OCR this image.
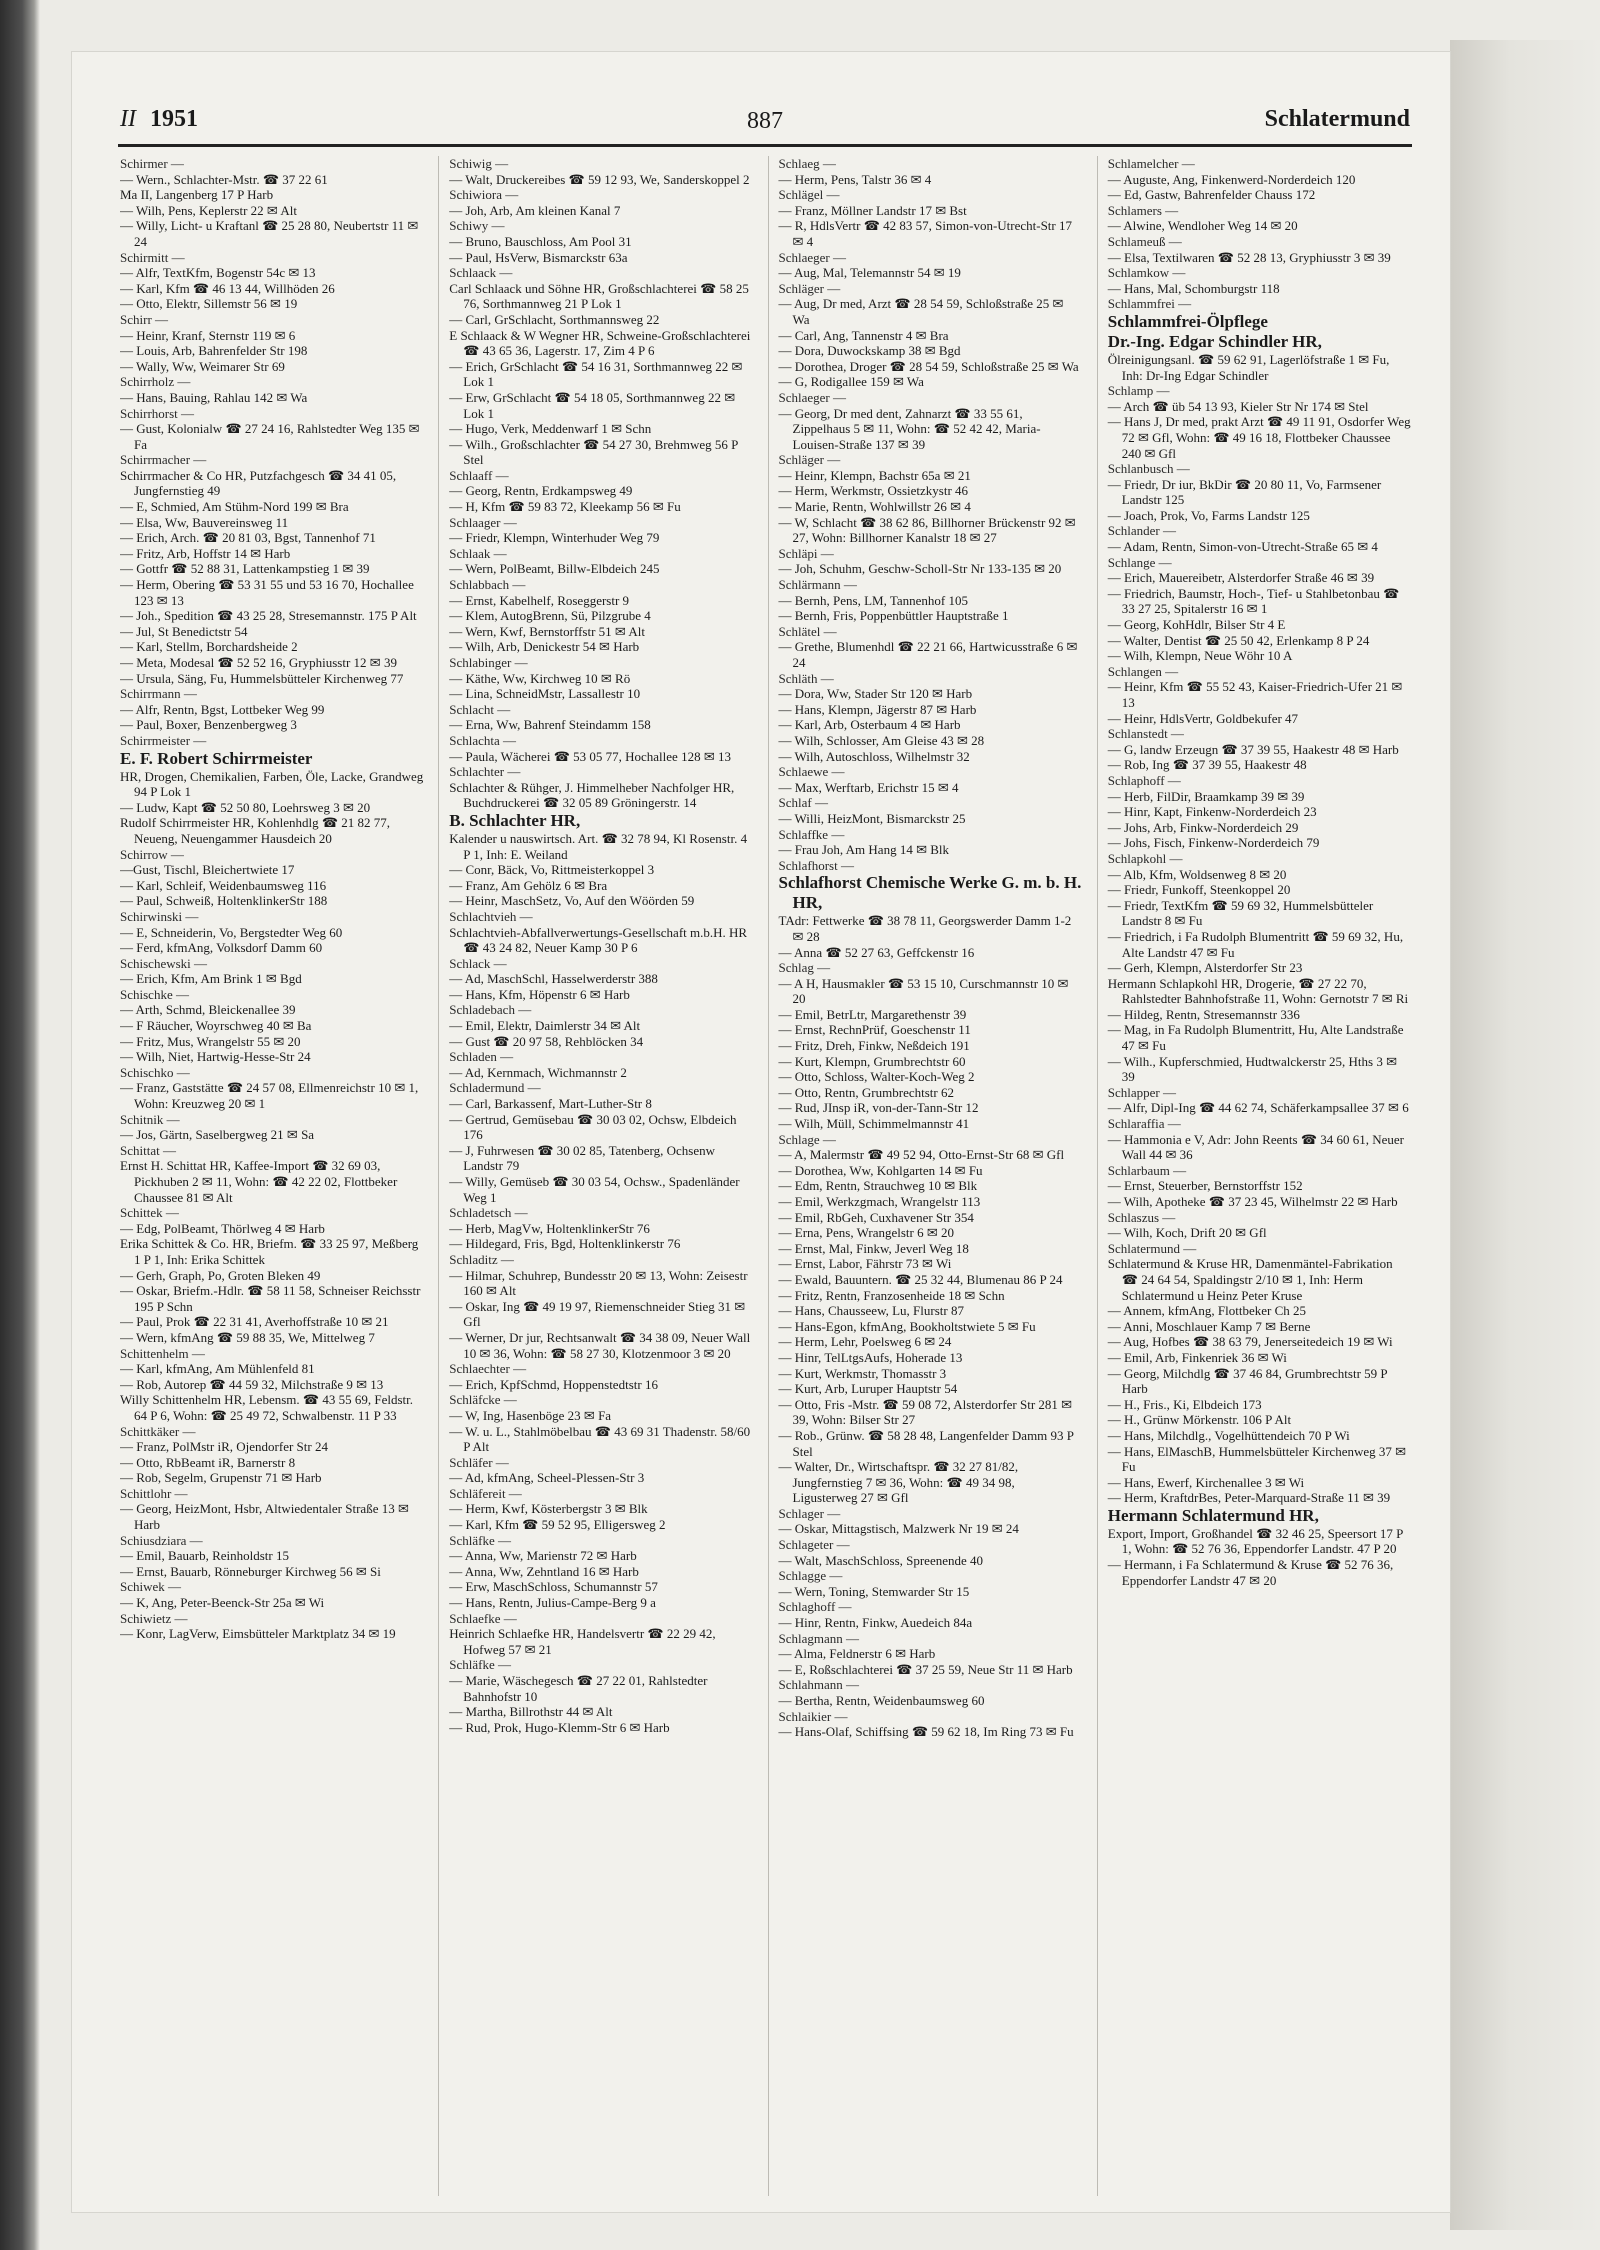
II 1951	887	Schlatermund

Schirmer —

— Wern., Schlachter-Mstr. ☎ 37 22 61

Ma II, Langenberg 17 P Harb

— Wilh, Pens, Keplerstr 22 ✉ Alt

— Willy, Licht- u Kraftanl ☎ 25 28 80, Neubertstr 11 ✉ 24

Schirmitt —

— Alfr, TextKfm, Bogenstr 54c ✉ 13

— Karl, Kfm ☎ 46 13 44, Willhöden 26

— Otto, Elektr, Sillemstr 56 ✉ 19

Schirr —

— Heinr, Kranf, Sternstr 119 ✉ 6

— Louis, Arb, Bahrenfelder Str 198

— Wally, Ww, Weimarer Str 69

Schirrholz —

— Hans, Bauing, Rahlau 142 ✉ Wa

Schirrhorst —

— Gust, Kolonialw ☎ 27 24 16, Rahlstedter Weg 135 ✉ Fa

Schirrmacher —

Schirrmacher & Co HR, Putzfachgesch ☎ 34 41 05, Jungfernstieg 49

— E, Schmied, Am Stühm-Nord 199 ✉ Bra

— Elsa, Ww, Bauvereinsweg 11

— Erich, Arch. ☎ 20 81 03, Bgst, Tannenhof 71

— Fritz, Arb, Hoffstr 14 ✉ Harb

— Gottfr ☎ 52 88 31, Lattenkampstieg 1 ✉ 39

— Herm, Obering ☎ 53 31 55 und 53 16 70, Hochallee 123 ✉ 13

— Joh., Spedition ☎ 43 25 28, Stresemannstr. 175 P Alt

— Jul, St Benedictstr 54

— Karl, Stellm, Borchardsheide 2

— Meta, Modesal ☎ 52 52 16, Gryphiusstr 12 ✉ 39

— Ursula, Säng, Fu, Hummelsbütteler Kirchenweg 77

Schirrmann —

— Alfr, Rentn, Bgst, Lottbeker Weg 99

— Paul, Boxer, Benzenbergweg 3

Schirrmeister —

E. F. Robert Schirrmeister

HR, Drogen, Chemikalien, Farben, Öle, Lacke, Grandweg 94 P Lok 1

— Ludw, Kapt ☎ 52 50 80, Loehrsweg 3 ✉ 20

Rudolf Schirrmeister HR, Kohlenhdlg ☎ 21 82 77, Neueng, Neuengammer Hausdeich 20

Schirrow —

—Gust, Tischl, Bleichertwiete 17

— Karl, Schleif, Weidenbaumsweg 116

— Paul, Schweiß, HoltenklinkerStr 188

Schirwinski —

— E, Schneiderin, Vo, Bergstedter Weg 60

— Ferd, kfmAng, Volksdorf Damm 60

Schischewski —

— Erich, Kfm, Am Brink 1 ✉ Bgd

Schischke —

— Arth, Schmd, Bleickenallee 39

— F Räucher, Woyrschweg 40 ✉ Ba

— Fritz, Mus, Wrangelstr 55 ✉ 20

— Wilh, Niet, Hartwig-Hesse-Str 24

Schischko —

— Franz, Gaststätte ☎ 24 57 08, Ellmenreichstr 10 ✉ 1, Wohn: Kreuzweg 20 ✉ 1

Schitnik —

— Jos, Gärtn, Saselbergweg 21 ✉ Sa

Schittat —

Ernst H. Schittat HR, Kaffee-Import ☎ 32 69 03, Pickhuben 2 ✉ 11, Wohn: ☎ 42 22 02, Flottbeker Chaussee 81 ✉ Alt

Schittek —

— Edg, PolBeamt, Thörlweg 4 ✉ Harb

Erika Schittek & Co. HR, Briefm. ☎ 33 25 97, Meßberg 1 P 1, Inh: Erika Schittek

— Gerh, Graph, Po, Groten Bleken 49

— Oskar, Briefm.-Hdlr. ☎ 58 11 58, Schneiser Reichsstr 195 P Schn

— Paul, Prok ☎ 22 31 41, Averhoffstraße 10 ✉ 21

— Wern, kfmAng ☎ 59 88 35, We, Mittelweg 7

Schittenhelm —

— Karl, kfmAng, Am Mühlenfeld 81

— Rob, Autorep ☎ 44 59 32, Milchstraße 9 ✉ 13

Willy Schittenhelm HR, Lebensm. ☎ 43 55 69, Feldstr. 64 P 6, Wohn: ☎ 25 49 72, Schwalbenstr. 11 P 33

Schittkäker —

— Franz, PolMstr iR, Ojendorfer Str 24

— Otto, RbBeamt iR, Barnerstr 8

— Rob, Segelm, Grupenstr 71 ✉ Harb

Schittlohr —

— Georg, HeizMont, Hsbr, Altwiedentaler Straße 13 ✉ Harb

Schiusdziara —

— Emil, Bauarb, Reinholdstr 15

— Ernst, Bauarb, Rönneburger Kirchweg 56 ✉ Si

Schiwek —

— K, Ang, Peter-Beenck-Str 25a ✉ Wi

Schiwietz —

— Konr, LagVerw, Eimsbütteler Marktplatz 34 ✉ 19

Schiwig —

— Walt, Druckereibes ☎ 59 12 93, We, Sanderskoppel 2

Schiwiora —

— Joh, Arb, Am kleinen Kanal 7

Schiwy —

— Bruno, Bauschloss, Am Pool 31

— Paul, HsVerw, Bismarckstr 63a

Schlaack —

Carl Schlaack und Söhne HR, Großschlachterei ☎ 58 25 76, Sorthmannweg 21 P Lok 1

— Carl, GrSchlacht, Sorthmannsweg 22

E Schlaack & W Wegner HR, Schweine-Großschlachterei ☎ 43 65 36, Lagerstr. 17, Zim 4 P 6

— Erich, GrSchlacht ☎ 54 16 31, Sorthmannweg 22 ✉ Lok 1

— Erw, GrSchlacht ☎ 54 18 05, Sorthmannweg 22 ✉ Lok 1

— Hugo, Verk, Meddenwarf 1 ✉ Schn

— Wilh., Großschlachter ☎ 54 27 30, Brehmweg 56 P Stel

Schlaaff —

— Georg, Rentn, Erdkampsweg 49

— H, Kfm ☎ 59 83 72, Kleekamp 56 ✉ Fu

Schlaager —

— Friedr, Klempn, Winterhuder Weg 79

Schlaak —

— Wern, PolBeamt, Billw-Elbdeich 245

Schlabbach —

— Ernst, Kabelhelf, Roseggerstr 9

— Klem, AutogBrenn, Sü, Pilzgrube 4

— Wern, Kwf, Bernstorffstr 51 ✉ Alt

— Wilh, Arb, Denickestr 54 ✉ Harb

Schlabinger —

— Käthe, Ww, Kirchweg 10 ✉ Rö

— Lina, SchneidMstr, Lassallestr 10

Schlacht —

— Erna, Ww, Bahrenf Steindamm 158

Schlachta —

— Paula, Wächerei ☎ 53 05 77, Hochallee 128 ✉ 13

Schlachter —

Schlachter & Rühger, J. Himmelheber Nachfolger HR, Buchdruckerei ☎ 32 05 89 Gröningerstr. 14

B. Schlachter HR,

Kalender u nauswirtsch. Art. ☎ 32 78 94, Kl Rosenstr. 4 P 1, Inh: E. Weiland

— Conr, Bäck, Vo, Rittmeisterkoppel 3

— Franz, Am Gehölz 6 ✉ Bra

— Heinr, MaschSetz, Vo, Auf den Wöörden 59

Schlachtvieh —

Schlachtvieh-Abfallverwertungs-Gesellschaft m.b.H. HR ☎ 43 24 82, Neuer Kamp 30 P 6

Schlack —

— Ad, MaschSchl, Hasselwerderstr 388

— Hans, Kfm, Höpenstr 6 ✉ Harb

Schladebach —

— Emil, Elektr, Daimlerstr 34 ✉ Alt

— Gust ☎ 20 97 58, Rehblöcken 34

Schladen —

— Ad, Kernmach, Wichmannstr 2

Schladermund —

— Carl, Barkassenf, Mart-Luther-Str 8

— Gertrud, Gemüsebau ☎ 30 03 02, Ochsw, Elbdeich 176

— J, Fuhrwesen ☎ 30 02 85, Tatenberg, Ochsenw Landstr 79

— Willy, Gemüseb ☎ 30 03 54, Ochsw., Spadenländer Weg 1

Schladetsch —

— Herb, MagVw, HoltenklinkerStr 76

— Hildegard, Fris, Bgd, Holtenklinkerstr 76

Schladitz —

— Hilmar, Schuhrep, Bundesstr 20 ✉ 13, Wohn: Zeisestr 160 ✉ Alt

— Oskar, Ing ☎ 49 19 97, Riemenschneider Stieg 31 ✉ Gfl

— Werner, Dr jur, Rechtsanwalt ☎ 34 38 09, Neuer Wall 10 ✉ 36, Wohn: ☎ 58 27 30, Klotzenmoor 3 ✉ 20

Schlaechter —

— Erich, KpfSchmd, Hoppenstedtstr 16

Schläfcke —

— W, Ing, Hasenböge 23 ✉ Fa

— W. u. L., Stahlmöbelbau ☎ 43 69 31 Thadenstr. 58/60 P Alt

Schläfer —

— Ad, kfmAng, Scheel-Plessen-Str 3

Schläfereit —

— Herm, Kwf, Kösterbergstr 3 ✉ Blk

— Karl, Kfm ☎ 59 52 95, Elligersweg 2

Schläfke —

— Anna, Ww, Marienstr 72 ✉ Harb

— Anna, Ww, Zehntland 16 ✉ Harb

— Erw, MaschSchloss, Schumannstr 57

— Hans, Rentn, Julius-Campe-Berg 9 a

Schlaefke —

Heinrich Schlaefke HR, Handelsvertr ☎ 22 29 42, Hofweg 57 ✉ 21

Schläfke —

— Marie, Wäschegesch ☎ 27 22 01, Rahlstedter Bahnhofstr 10

— Martha, Billrothstr 44 ✉ Alt

— Rud, Prok, Hugo-Klemm-Str 6 ✉ Harb

Schlaeg —

— Herm, Pens, Talstr 36 ✉ 4

Schlägel —

— Franz, Möllner Landstr 17 ✉ Bst

— R, HdlsVertr ☎ 42 83 57, Simon-von-Utrecht-Str 17 ✉ 4

Schlaeger —

— Aug, Mal, Telemannstr 54 ✉ 19

Schläger —

— Aug, Dr med, Arzt ☎ 28 54 59, Schloßstraße 25 ✉ Wa

— Carl, Ang, Tannenstr 4 ✉ Bra

— Dora, Duwockskamp 38 ✉ Bgd

— Dorothea, Droger ☎ 28 54 59, Schloßstraße 25 ✉ Wa

— G, Rodigallee 159 ✉ Wa

Schlaeger —

— Georg, Dr med dent, Zahnarzt ☎ 33 55 61, Zippelhaus 5 ✉ 11, Wohn: ☎ 52 42 42, Maria-Louisen-Straße 137 ✉ 39

Schläger —

— Heinr, Klempn, Bachstr 65a ✉ 21

— Herm, Werkmstr, Ossietzkystr 46

— Marie, Rentn, Wohlwillstr 26 ✉ 4

— W, Schlacht ☎ 38 62 86, Billhorner Brückenstr 92 ✉ 27, Wohn: Billhorner Kanalstr 18 ✉ 27

Schläpi —

— Joh, Schuhm, Geschw-Scholl-Str Nr 133-135 ✉ 20

Schlärmann —

— Bernh, Pens, LM, Tannenhof 105

— Bernh, Fris, Poppenbüttler Hauptstraße 1

Schlätel —

— Grethe, Blumenhdl ☎ 22 21 66, Hartwicusstraße 6 ✉ 24

Schläth —

— Dora, Ww, Stader Str 120 ✉ Harb

— Hans, Klempn, Jägerstr 87 ✉ Harb

— Karl, Arb, Osterbaum 4 ✉ Harb

— Wilh, Schlosser, Am Gleise 43 ✉ 28

— Wilh, Autoschloss, Wilhelmstr 32

Schlaewe —

— Max, Werftarb, Erichstr 15 ✉ 4

Schlaf —

— Willi, HeizMont, Bismarckstr 25

Schlaffke —

— Frau Joh, Am Hang 14 ✉ Blk

Schlafhorst —

Schlafhorst Chemische Werke G. m. b. H. HR,

TAdr: Fettwerke ☎ 38 78 11, Georgswerder Damm 1-2 ✉ 28

— Anna ☎ 52 27 63, Geffckenstr 16

Schlag —

— A H, Hausmakler ☎ 53 15 10, Curschmannstr 10 ✉ 20

— Emil, BetrLtr, Margarethenstr 39

— Ernst, RechnPrüf, Goeschenstr 11

— Fritz, Dreh, Finkw, Neßdeich 191

— Kurt, Klempn, Grumbrechtstr 60

— Otto, Schloss, Walter-Koch-Weg 2

— Otto, Rentn, Grumbrechtstr 62

— Rud, JInsp iR, von-der-Tann-Str 12

— Wilh, Müll, Schimmelmannstr 41

Schlage —

— A, Malermstr ☎ 49 52 94, Otto-Ernst-Str 68 ✉ Gfl

— Dorothea, Ww, Kohlgarten 14 ✉ Fu

— Edm, Rentn, Strauchweg 10 ✉ Blk

— Emil, Werkzgmach, Wrangelstr 113

— Emil, RbGeh, Cuxhavener Str 354

— Erna, Pens, Wrangelstr 6 ✉ 20

— Ernst, Mal, Finkw, Jeverl Weg 18

— Ernst, Labor, Fährstr 73 ✉ Wi

— Ewald, Bauuntern. ☎ 25 32 44, Blumenau 86 P 24

— Fritz, Rentn, Franzosenheide 18 ✉ Schn

— Hans, Chausseew, Lu, Flurstr 87

— Hans-Egon, kfmAng, Bookholtstwiete 5 ✉ Fu

— Herm, Lehr, Poelsweg 6 ✉ 24

— Hinr, TelLtgsAufs, Hoherade 13

— Kurt, Werkmstr, Thomasstr 3

— Kurt, Arb, Luruper Hauptstr 54

— Otto, Fris -Mstr. ☎ 59 08 72, Alsterdorfer Str 281 ✉ 39, Wohn: Bilser Str 27

— Rob., Grünw. ☎ 58 28 48, Langenfelder Damm 93 P Stel

— Walter, Dr., Wirtschaftspr. ☎ 32 27 81/82, Jungfernstieg 7 ✉ 36, Wohn: ☎ 49 34 98, Ligusterweg 27 ✉ Gfl

Schlager —

— Oskar, Mittagstisch, Malzwerk Nr 19 ✉ 24

Schlageter —

— Walt, MaschSchloss, Spreenende 40

Schlagge —

— Wern, Toning, Stemwarder Str 15

Schlaghoff —

— Hinr, Rentn, Finkw, Auedeich 84a

Schlagmann —

— Alma, Feldnerstr 6 ✉ Harb

— E, Roßschlachterei ☎ 37 25 59, Neue Str 11 ✉ Harb

Schlahmann —

— Bertha, Rentn, Weidenbaumsweg 60

Schlaikier —

— Hans-Olaf, Schiffsing ☎ 59 62 18, Im Ring 73 ✉ Fu

Schlamelcher —

— Auguste, Ang, Finkenwerd-Norderdeich 120

— Ed, Gastw, Bahrenfelder Chauss 172

Schlamers —

— Alwine, Wendloher Weg 14 ✉ 20

Schlameuß —

— Elsa, Textilwaren ☎ 52 28 13, Gryphiusstr 3 ✉ 39

Schlamkow —

— Hans, Mal, Schomburgstr 118

Schlammfrei —

Schlammfrei-Ölpflege

Dr.-Ing. Edgar Schindler HR,

Ölreinigungsanl. ☎ 59 62 91, Lagerlöfstraße 1 ✉ Fu, Inh: Dr-Ing Edgar Schindler

Schlamp —

— Arch ☎ üb 54 13 93, Kieler Str Nr 174 ✉ Stel

— Hans J, Dr med, prakt Arzt ☎ 49 11 91, Osdorfer Weg 72 ✉ Gfl, Wohn: ☎ 49 16 18, Flottbeker Chaussee 240 ✉ Gfl

Schlanbusch —

— Friedr, Dr iur, BkDir ☎ 20 80 11, Vo, Farmsener Landstr 125

— Joach, Prok, Vo, Farms Landstr 125

Schlander —

— Adam, Rentn, Simon-von-Utrecht-Straße 65 ✉ 4

Schlange —

— Erich, Mauereibetr, Alsterdorfer Straße 46 ✉ 39

— Friedrich, Baumstr, Hoch-, Tief- u Stahlbetonbau ☎ 33 27 25, Spitalerstr 16 ✉ 1

— Georg, KohHdlr, Bilser Str 4 E

— Walter, Dentist ☎ 25 50 42, Erlenkamp 8 P 24

— Wilh, Klempn, Neue Wöhr 10 A

Schlangen —

— Heinr, Kfm ☎ 55 52 43, Kaiser-Friedrich-Ufer 21 ✉ 13

— Heinr, HdlsVertr, Goldbekufer 47

Schlanstedt —

— G, landw Erzeugn ☎ 37 39 55, Haakestr 48 ✉ Harb

— Rob, Ing ☎ 37 39 55, Haakestr 48

Schlaphoff —

— Herb, FilDir, Braamkamp 39 ✉ 39

— Hinr, Kapt, Finkenw-Norderdeich 23

— Johs, Arb, Finkw-Norderdeich 29

— Johs, Fisch, Finkenw-Norderdeich 79

Schlapkohl —

— Alb, Kfm, Woldsenweg 8 ✉ 20

— Friedr, Funkoff, Steenkoppel 20

— Friedr, TextKfm ☎ 59 69 32, Hummelsbütteler Landstr 8 ✉ Fu

— Friedrich, i Fa Rudolph Blumentritt ☎ 59 69 32, Hu, Alte Landstr 47 ✉ Fu

— Gerh, Klempn, Alsterdorfer Str 23

Hermann Schlapkohl HR, Drogerie, ☎ 27 22 70, Rahlstedter Bahnhofstraße 11, Wohn: Gernotstr 7 ✉ Ri

— Hildeg, Rentn, Stresemannstr 336

— Mag, in Fa Rudolph Blumentritt, Hu, Alte Landstraße 47 ✉ Fu

— Wilh., Kupferschmied, Hudtwalckerstr 25, Hths 3 ✉ 39

Schlapper —

— Alfr, Dipl-Ing ☎ 44 62 74, Schäferkampsallee 37 ✉ 6

Schlaraffia —

— Hammonia e V, Adr: John Reents ☎ 34 60 61, Neuer Wall 44 ✉ 36

Schlarbaum —

— Ernst, Steuerber, Bernstorffstr 152

— Wilh, Apotheke ☎ 37 23 45, Wilhelmstr 22 ✉ Harb

Schlaszus —

— Wilh, Koch, Drift 20 ✉ Gfl

Schlatermund —

Schlatermund & Kruse HR, Damenmäntel-Fabrikation ☎ 24 64 54, Spaldingstr 2/10 ✉ 1, Inh: Herm Schlatermund u Heinz Peter Kruse

— Annem, kfmAng, Flottbeker Ch 25

— Anni, Moschlauer Kamp 7 ✉ Berne

— Aug, Hofbes ☎ 38 63 79, Jenerseitedeich 19 ✉ Wi

— Emil, Arb, Finkenriek 36 ✉ Wi

— Georg, Milchdlg ☎ 37 46 84, Grumbrechtstr 59 P Harb

— H., Fris., Ki, Elbdeich 173

— H., Grünw Mörkenstr. 106 P Alt

— Hans, Milchdlg., Vogelhüttendeich 70 P Wi

— Hans, ElMaschB, Hummelsbütteler Kirchenweg 37 ✉ Fu

— Hans, Ewerf, Kirchenallee 3 ✉ Wi

— Herm, KraftdrBes, Peter-Marquard-Straße 11 ✉ 39

Hermann Schlatermund HR,

Export, Import, Großhandel ☎ 32 46 25, Speersort 17 P 1, Wohn: ☎ 52 76 36, Eppendorfer Landstr. 47 P 20

— Hermann, i Fa Schlatermund & Kruse ☎ 52 76 36, Eppendorfer Landstr 47 ✉ 20
